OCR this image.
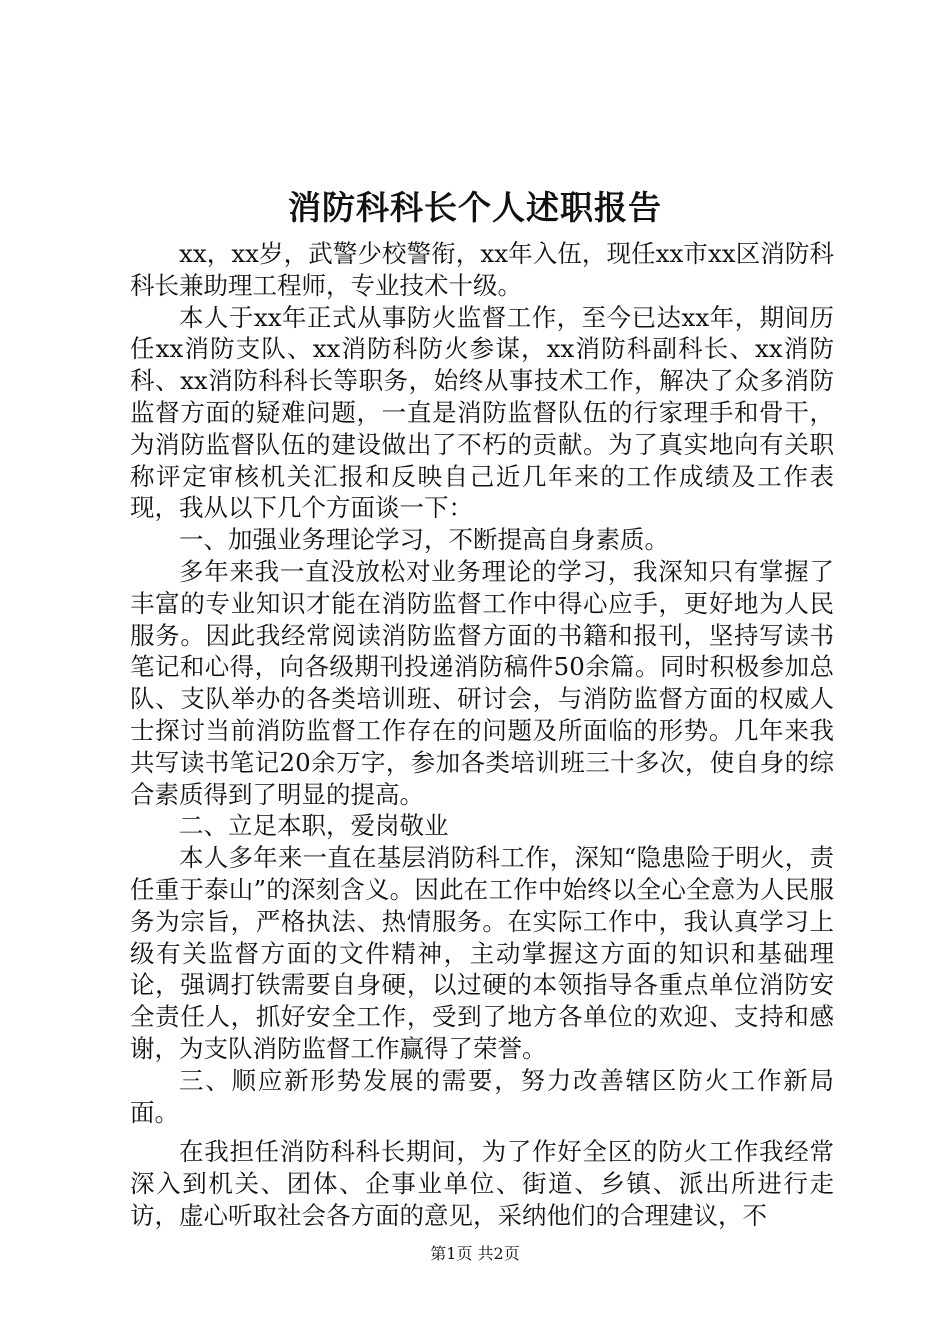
消防科科长个人述职报告

xx，xx岁，武警少校警衔，xx年入伍，现任xx市xx区消防科科长兼助理工程师，专业技术十级。

本人于xx年正式从事防火监督工作，至今已达xx年，期间历任xx消防支队、xx消防科防火参谋，xx消防科副科长、xx消防科、xx消防科科长等职务，始终从事技术工作，解决了众多消防监督方面的疑难问题，一直是消防监督队伍的行家理手和骨干，为消防监督队伍的建设做出了不朽的贡献。为了真实地向有关职称评定审核机关汇报和反映自己近几年来的工作成绩及工作表现，我从以下几个方面谈一下：

一、加强业务理论学习，不断提高自身素质。

多年来我一直没放松对业务理论的学习，我深知只有掌握了丰富的专业知识才能在消防监督工作中得心应手，更好地为人民服务。因此我经常阅读消防监督方面的书籍和报刊，坚持写读书笔记和心得，向各级期刊投递消防稿件50余篇。同时积极参加总队、支队举办的各类培训班、研讨会，与消防监督方面的权威人士探讨当前消防监督工作存在的问题及所面临的形势。几年来我共写读书笔记20余万字，参加各类培训班三十多次，使自身的综合素质得到了明显的提高。

二、立足本职，爱岗敬业

本人多年来一直在基层消防科工作，深知“隐患险于明火，责任重于泰山”的深刻含义。因此在工作中始终以全心全意为人民服务为宗旨，严格执法、热情服务。在实际工作中，我认真学习上级有关监督方面的文件精神，主动掌握这方面的知识和基础理论，强调打铁需要自身硬，以过硬的本领指导各重点单位消防安全责任人，抓好安全工作，受到了地方各单位的欢迎、支持和感谢，为支队消防监督工作赢得了荣誉。

三、顺应新形势发展的需要，努力改善辖区防火工作新局面。

在我担任消防科科长期间，为了作好全区的防火工作我经常深入到机关、团体、企事业单位、街道、乡镇、派出所进行走访，虚心听取社会各方面的意见，采纳他们的合理建议，不

第1页 共2页
